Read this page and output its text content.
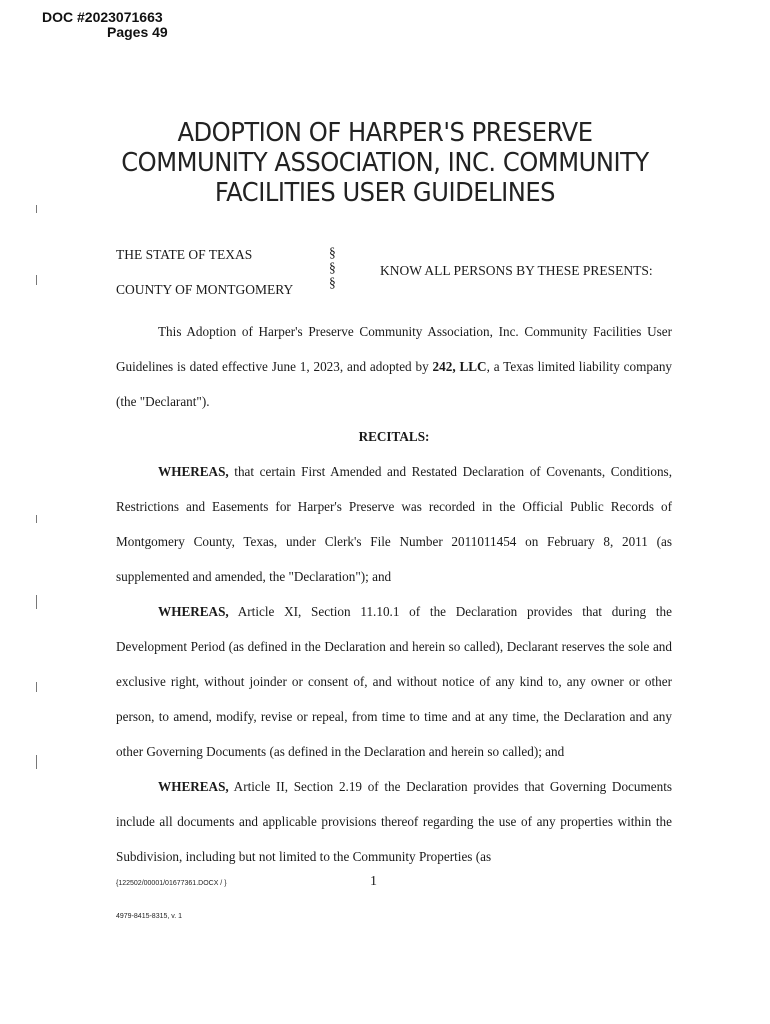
DOC #2023071663
Pages 49
ADOPTION OF HARPER'S PRESERVE
COMMUNITY ASSOCIATION, INC. COMMUNITY
FACILITIES USER GUIDELINES
THE STATE OF TEXAS
COUNTY OF MONTGOMERY
§
§
§
KNOW ALL PERSONS BY THESE PRESENTS:

This Adoption of Harper's Preserve Community Association, Inc. Community Facilities User Guidelines is dated effective June 1, 2023, and adopted by 242, LLC, a Texas limited liability company (the "Declarant").

RECITALS:

WHEREAS, that certain First Amended and Restated Declaration of Covenants, Conditions, Restrictions and Easements for Harper's Preserve was recorded in the Official Public Records of Montgomery County, Texas, under Clerk's File Number 2011011454 on February 8, 2011 (as supplemented and amended, the "Declaration"); and

WHEREAS, Article XI, Section 11.10.1 of the Declaration provides that during the Development Period (as defined in the Declaration and herein so called), Declarant reserves the sole and exclusive right, without joinder or consent of, and without notice of any kind to, any owner or other person, to amend, modify, revise or repeal, from time to time and at any time, the Declaration and any other Governing Documents (as defined in the Declaration and herein so called); and

WHEREAS, Article II, Section 2.19 of the Declaration provides that Governing Documents include all documents and applicable provisions thereof regarding the use of any properties within the Subdivision, including but not limited to the Community Properties (as

{122502/00001/01677361.DOCX / }	1
4979-8415-8315, v. 1
